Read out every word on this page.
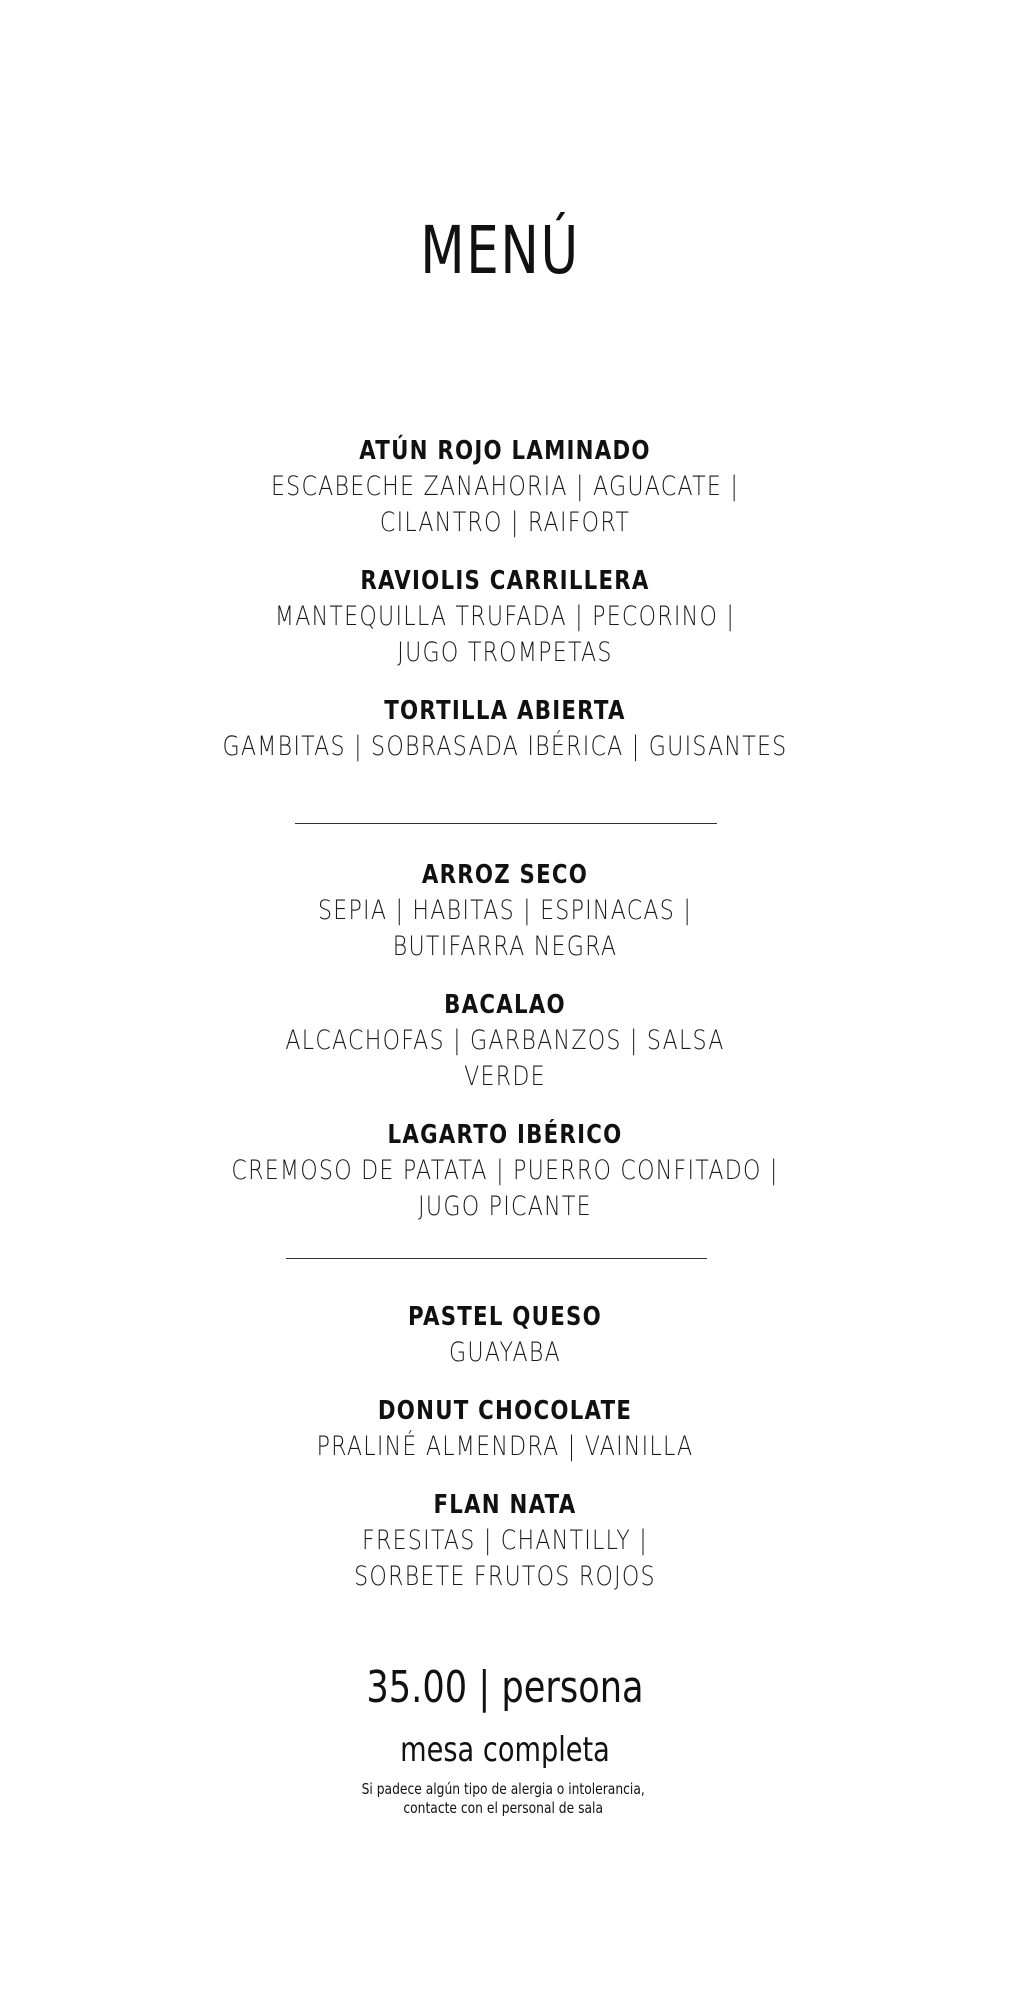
MENÚ
ATÚN ROJO LAMINADO
ESCABECHE ZANAHORIA | AGUACATE |
CILANTRO | RAIFORT
RAVIOLIS CARRILLERA
MANTEQUILLA TRUFADA | PECORINO |
JUGO TROMPETAS
TORTILLA ABIERTA
GAMBITAS | SOBRASADA IBÉRICA | GUISANTES
ARROZ SECO
SEPIA | HABITAS | ESPINACAS |
BUTIFARRA NEGRA
BACALAO
ALCACHOFAS | GARBANZOS | SALSA
VERDE
LAGARTO IBÉRICO
CREMOSO DE PATATA | PUERRO CONFITADO |
JUGO PICANTE
PASTEL QUESO
GUAYABA
DONUT CHOCOLATE
PRALINÉ ALMENDRA | VAINILLA
FLAN NATA
FRESITAS | CHANTILLY |
SORBETE FRUTOS ROJOS
35.00 | persona
mesa completa
Si padece algún tipo de alergia o intolerancia,
contacte con el personal de sala
